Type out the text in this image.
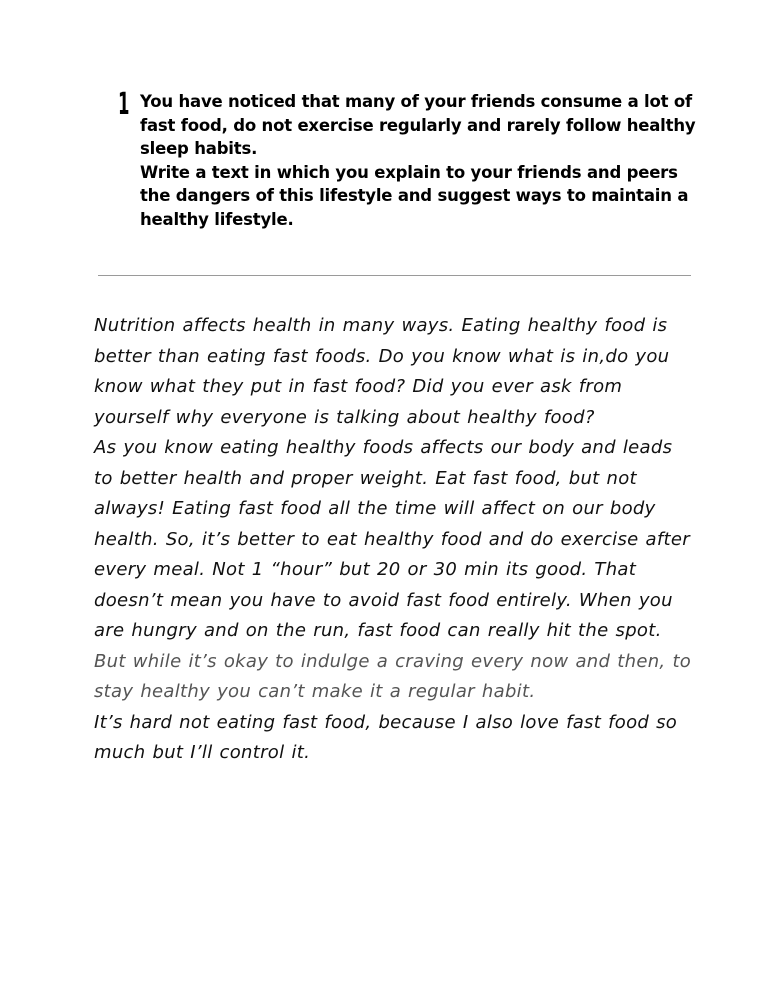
1 You have noticed that many of your friends consume a lot of fast food, do not exercise regularly and rarely follow healthy sleep habits.

Write a text in which you explain to your friends and peers the dangers of this lifestyle and suggest ways to maintain a healthy lifestyle.

Nutrition affects health in many ways. Eating healthy food is better than eating fast foods. Do you know what is in,do you know what they put in fast food? Did you ever ask from yourself why everyone is talking about healthy food?

As you know eating healthy foods affects our body and leads to better health and proper weight. Eat fast food, but not always! Eating fast food all the time will affect on our body health. So, it’s better to eat healthy food and do exercise after every meal. Not 1 “hour” but 20 or 30 min its good. That doesn’t mean you have to avoid fast food entirely. When you are hungry and on the run, fast food can really hit the spot. But while it’s okay to indulge a craving every now and then, to stay healthy you can’t make it a regular habit.

It’s hard not eating fast food, because I also love fast food so much but I’ll control it.
